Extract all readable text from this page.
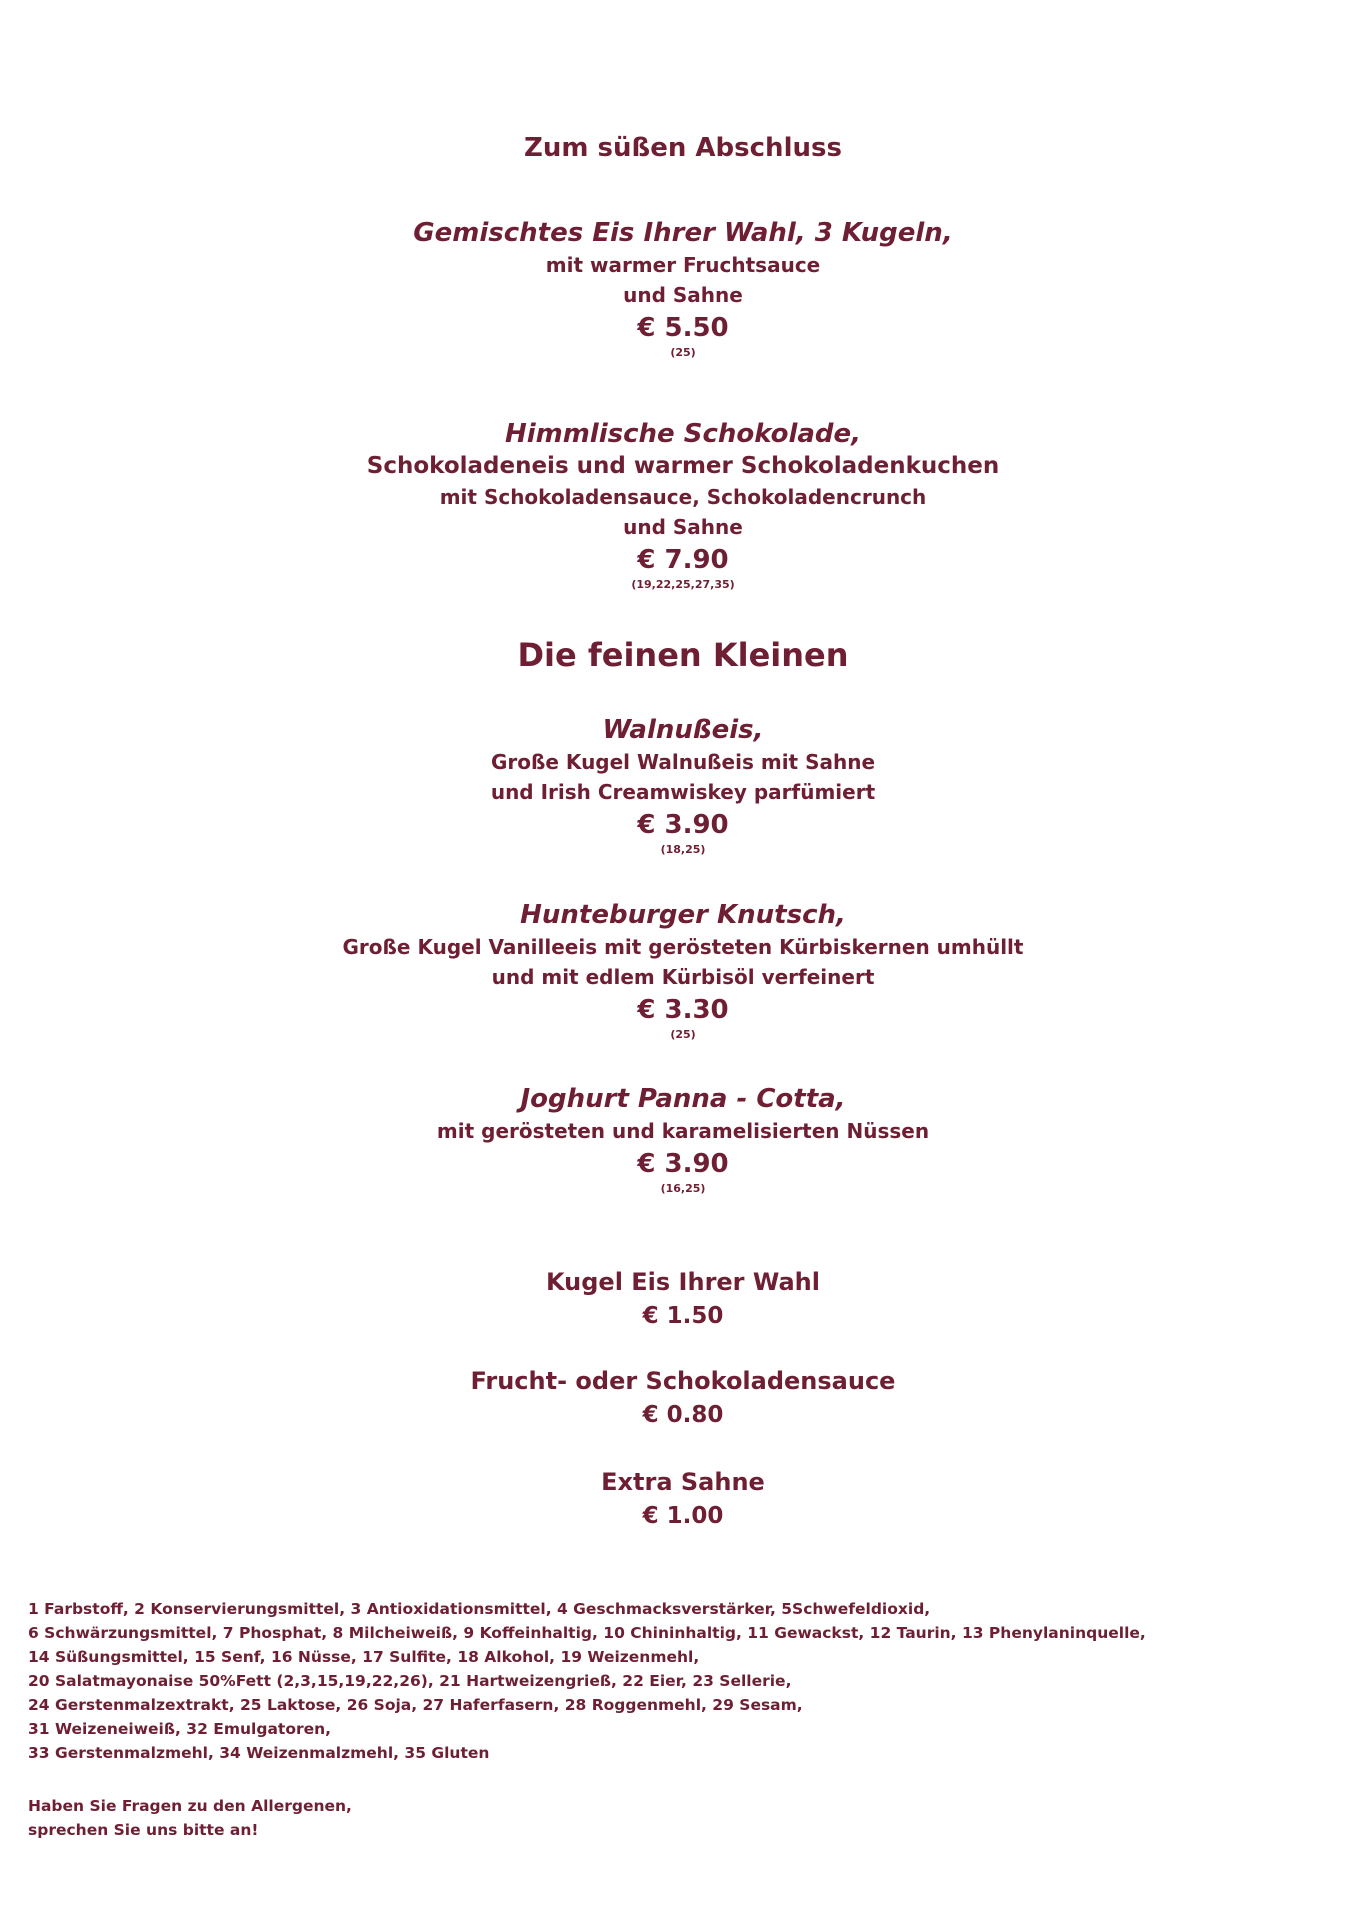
Zum süßen Abschluss
Gemischtes Eis Ihrer Wahl, 3 Kugeln,
mit warmer Fruchtsauce
und Sahne
€ 5.50
(25)
Himmlische Schokolade,
Schokoladeneis und warmer Schokoladenkuchen
mit Schokoladensauce, Schokoladencrunch
und Sahne
€ 7.90
(19,22,25,27,35)
Die feinen Kleinen
Walnußeis,
Große Kugel Walnußeis mit Sahne
und Irish Creamwiskey parfümiert
€ 3.90
(18,25)
Hunteburger Knutsch,
Große Kugel Vanilleeis mit gerösteten Kürbiskernen umhüllt
und mit edlem Kürbisöl verfeinert
€ 3.30
(25)
Joghurt Panna - Cotta,
mit gerösteten und karamelisierten Nüssen
€ 3.90
(16,25)
Kugel Eis Ihrer Wahl
€ 1.50
Frucht- oder Schokoladensauce
€ 0.80
Extra Sahne
€ 1.00
1 Farbstoff, 2 Konservierungsmittel, 3 Antioxidationsmittel, 4 Geschmacksverstärker, 5Schwefeldioxid,
6 Schwärzungsmittel, 7 Phosphat, 8 Milcheiweiß, 9 Koffeinhaltig, 10 Chininhaltig, 11 Gewackst, 12 Taurin, 13 Phenylaninquelle,
14 Süßungsmittel, 15 Senf, 16 Nüsse, 17 Sulfite, 18 Alkohol, 19 Weizenmehl,
20 Salatmayonaise 50%Fett (2,3,15,19,22,26), 21 Hartweizengrieß, 22 Eier, 23 Sellerie,
24 Gerstenmalzextrakt, 25 Laktose, 26 Soja, 27 Haferfasern, 28 Roggenmehl, 29 Sesam,
31 Weizeneiweiß, 32 Emulgatoren,
33 Gerstenmalzmehl, 34 Weizenmalzmehl, 35 Gluten
Haben Sie Fragen zu den Allergenen,
sprechen Sie uns bitte an!
